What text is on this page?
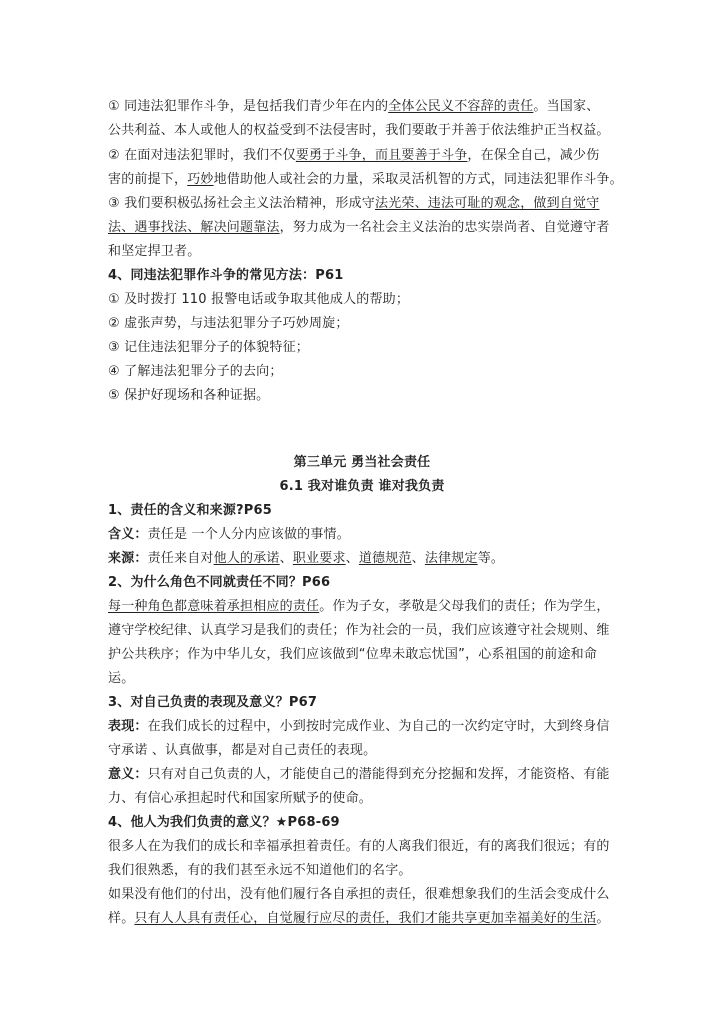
① 同违法犯罪作斗争，是包括我们青少年在内的全体公民义不容辞的责任。当国家、
公共利益、本人或他人的权益受到不法侵害时，我们要敢于并善于依法维护正当权益。
② 在面对违法犯罪时，我们不仅要勇于斗争，而且要善于斗争，在保全自己，减少伤
害的前提下，巧妙地借助他人或社会的力量，采取灵活机智的方式，同违法犯罪作斗争。
③ 我们要积极弘扬社会主义法治精神，形成守法光荣、违法可耻的观念，做到自觉守
法、遇事找法、解决问题靠法，努力成为一名社会主义法治的忠实崇尚者、自觉遵守者
和坚定捍卫者。
4、同违法犯罪作斗争的常见方法：P61
① 及时拨打 110 报警电话或争取其他成人的帮助；
② 虚张声势，与违法犯罪分子巧妙周旋；
③ 记住违法犯罪分子的体貌特征；
④ 了解违法犯罪分子的去向；
⑤ 保护好现场和各种证据。
第三单元 勇当社会责任
6.1 我对谁负责 谁对我负责
1、责任的含义和来源?P65
含义：责任是 一个人分内应该做的事情。
来源：责任来自对他人的承诺、职业要求、道德规范、法律规定等。
2、为什么角色不同就责任不同？P66
每一种角色都意味着承担相应的责任。作为子女，孝敬是父母我们的责任；作为学生，
遵守学校纪律、认真学习是我们的责任；作为社会的一员，我们应该遵守社会规则、维
护公共秩序；作为中华儿女，我们应该做到“位卑未敢忘忧国”，心系祖国的前途和命
运。
3、对自己负责的表现及意义？P67
表现：在我们成长的过程中，小到按时完成作业、为自己的一次约定守时，大到终身信
守承诺 、认真做事，都是对自己责任的表现。
意义：只有对自己负责的人，才能使自己的潜能得到充分挖掘和发挥，才能资格、有能
力、有信心承担起时代和国家所赋予的使命。
4、他人为我们负责的意义？★P68-69
很多人在为我们的成长和幸福承担着责任。有的人离我们很近，有的离我们很远；有的
我们很熟悉，有的我们甚至永远不知道他们的名字。
如果没有他们的付出，没有他们履行各自承担的责任，很难想象我们的生活会变成什么
样。只有人人具有责任心，自觉履行应尽的责任，我们才能共享更加幸福美好的生活。
